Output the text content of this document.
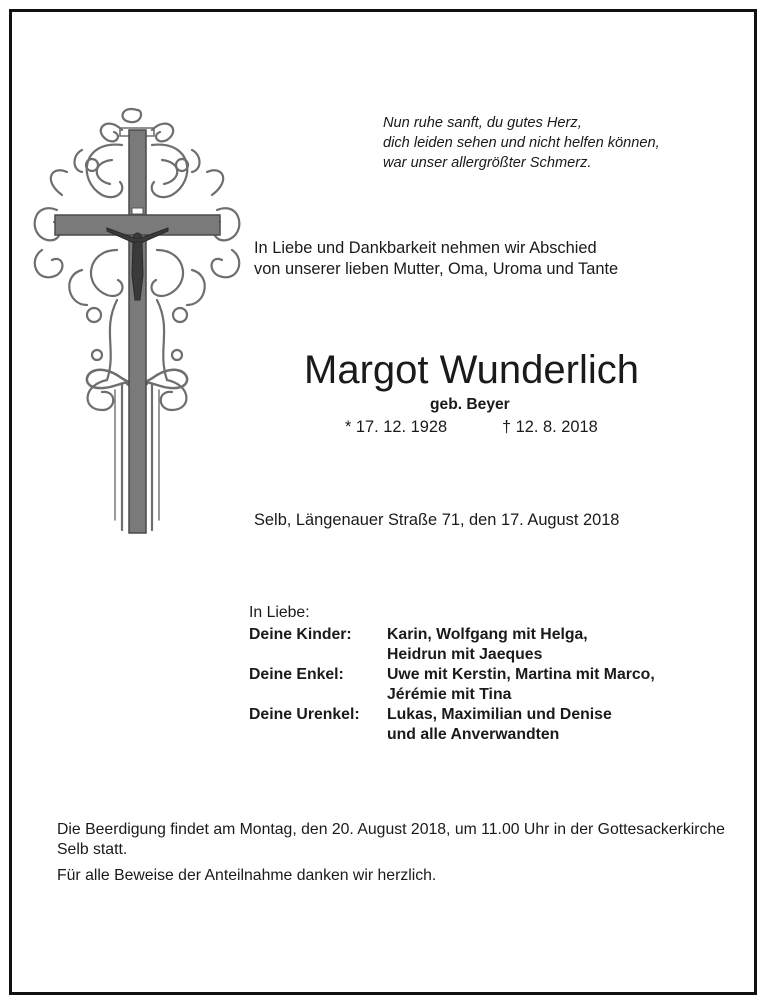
Nun ruhe sanft, du gutes Herz,
dich leiden sehen und nicht helfen können,
war unser allergrößter Schmerz.
In Liebe und Dankbarkeit nehmen wir Abschied
von unserer lieben Mutter, Oma, Uroma und Tante
Margot Wunderlich
geb. Beyer
* 17. 12. 1928	† 12. 8. 2018
Selb, Längenauer Straße 71, den 17. August 2018
In Liebe:
Deine Kinder:	Karin, Wolfgang mit Helga,
Heidrun mit Jaeques

Deine Enkel:	Uwe mit Kerstin, Martina mit Marco,
Jérémie mit Tina

Deine Urenkel:	Lukas, Maximilian und Denise
und alle Anverwandten

Die Beerdigung findet am Montag, den 20. August 2018, um 11.00 Uhr in der Gottesackerkirche Selb statt.

Für alle Beweise der Anteilnahme danken wir herzlich.
